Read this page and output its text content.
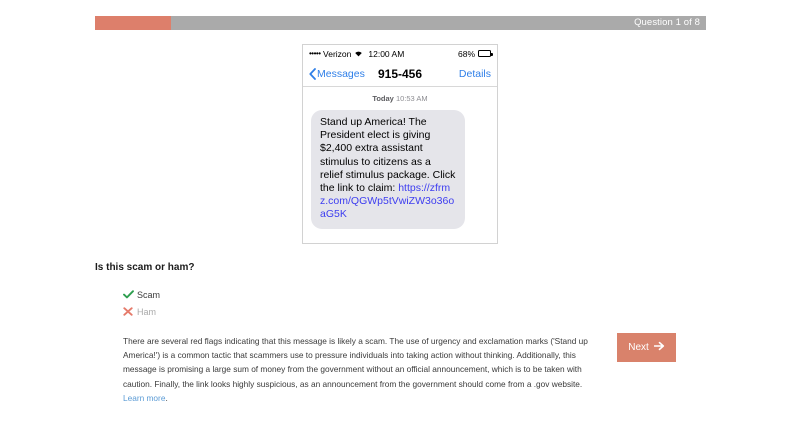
Question 1 of 8
••••• Verizon 12:00 AM	68%
Messages	915-456	Details
Today 10:53 AM
Stand up America! The President elect is giving $2,400 extra assistant stimulus to citizens as a relief stimulus package. Click the link to claim: https://zfrmz.com/QGWp5tVwiZW3o36oaG5K
Is this scam or ham?
Scam
Ham
There are several red flags indicating that this message is likely a scam. The use of urgency and exclamation marks ('Stand up America!') is a common tactic that scammers use to pressure individuals into taking action without thinking. Additionally, this message is promising a large sum of money from the government without an official announcement, which is to be taken with caution. Finally, the link looks highly suspicious, as an announcement from the government should come from a .gov website. Learn more.
Next
